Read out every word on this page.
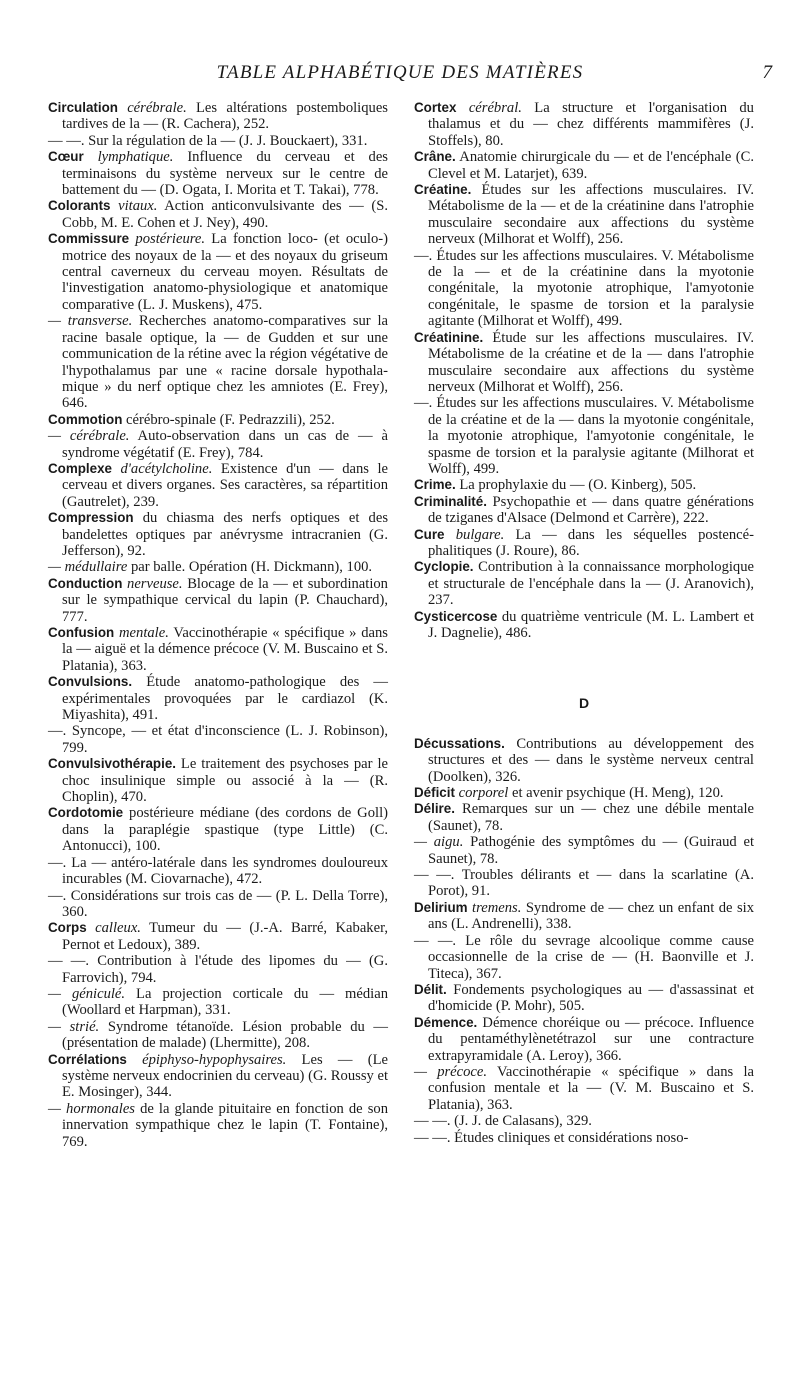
TABLE ALPHABÉTIQUE DES MATIÈRES	7
Circulation cérébrale. Les altérations postemboliques tardives de la — (R. Cachera), 252.
— —. Sur la régulation de la — (J. J. Bouckaert), 331.
Cœur lymphatique. Influence du cerveau et des terminaisons du système nerveux sur le centre de battement du — (D. Ogata, I. Morita et T. Takai), 778.
Colorants vitaux. Action anticonvulsivante des — (S. Cobb, M. E. Cohen et J. Ney), 490.
Commissure postérieure. La fonction loco- (et oculo-) motrice des noyaux de la — et des noyaux du griseum central caverneux du cerveau moyen. Résultats de l'investigation anatomo-physiologique et anatomique comparative (L. J. Muskens), 475.
— transverse. Recherches anatomo-comparatives sur la racine basale optique, la — de Gudden et sur une communication de la rétine avec la région végétative de l'hypothalamus par une « racine dorsale hypothalamique » du nerf optique chez les amniotes (E. Frey), 646.
Commotion cérébro-spinale (F. Pedrazzili), 252.
— cérébrale. Auto-observation dans un cas de — à syndrome végétatif (E. Frey), 784.
Complexe d'acétylcholine. Existence d'un — dans le cerveau et divers organes. Ses caractères, sa répartition (Gautrelet), 239.
Compression du chiasma des nerfs optiques et des bandelettes optiques par anévrysme intracranien (G. Jefferson), 92.
— médullaire par balle. Opération (H. Dickmann), 100.
Conduction nerveuse. Blocage de la — et subordination sur le sympathique cervical du lapin (P. Chauchard), 777.
Confusion mentale. Vaccinothérapie « spécifique » dans la — aiguë et la démence précoce (V. M. Buscaino et S. Platania), 363.
Convulsions. Étude anatomo-pathologique des — expérimentales provoquées par le cardiazol (K. Miyashita), 491.
—. Syncope, — et état d'inconscience (L. J. Robinson), 799.
Convulsivothérapie. Le traitement des psychoses par le choc insulinique simple ou associé à la — (R. Choplin), 470.
Cordotomie postérieure médiane (des cordons de Goll) dans la paraplégie spastique (type Little) (C. Antonucci), 100.
—. La — antéro-latérale dans les syndromes douloureux incurables (M. Ciovarnache), 472.
—. Considérations sur trois cas de — (P. L. Della Torre), 360.
Corps calleux. Tumeur du — (J.-A. Barré, Kabaker, Pernot et Ledoux), 389.
— —. Contribution à l'étude des lipomes du — (G. Farrovich), 794.
— géniculé. La projection corticale du — médian (Woollard et Harpman), 331.
— strié. Syndrome tétanoïde. Lésion probable du — (présentation de malade) (Lhermitte), 208.
Corrélations épiphyso-hypophysaires. Les — (Le système nerveux endocrinien du cerveau) (G. Roussy et E. Mosinger), 344.
— hormonales de la glande pituitaire en fonction de son innervation sympathique chez le lapin (T. Fontaine), 769.
Cortex cérébral. La structure et l'organisation du thalamus et du — chez différents mammifères (J. Stoffels), 80.
Crâne. Anatomie chirurgicale du — et de l'encéphale (C. Clevel et M. Latarjet), 639.
Créatine. Études sur les affections musculaires. IV. Métabolisme de la — et de la créatinine dans l'atrophie musculaire secondaire aux affections du système nerveux (Milhorat et Wolff), 256.
—. Études sur les affections musculaires. V. Métabolisme de la — et de la créatinine dans la myotonie congénitale, la myotonie atrophique, l'amyotonie congénitale, le spasme de torsion et la paralysie agitante (Milhorat et Wolff), 499.
Créatinine. Étude sur les affections musculaires. IV. Métabolisme de la créatine et de la — dans l'atrophie musculaire secondaire aux affections du système nerveux (Milhorat et Wolff), 256.
—. Études sur les affections musculaires. V. Métabolisme de la créatine et de la — dans la myotonie congénitale, la myotonie atrophique, l'amyotonie congénitale, le spasme de torsion et la paralysie agitante (Milhorat et Wolff), 499.
Crime. La prophylaxie du — (O. Kinberg), 505.
Criminalité. Psychopathie et — dans quatre générations de tziganes d'Alsace (Delmond et Carrère), 222.
Cure bulgare. La — dans les séquelles postencéphalitiques (J. Roure), 86.
Cyclopie. Contribution à la connaissance morphologique et structurale de l'encéphale dans la — (J. Aranovich), 237.
Cysticercose du quatrième ventricule (M. L. Lambert et J. Dagnelie), 486.
D
Décussations. Contributions au développement des structures et des — dans le système nerveux central (Doolken), 326.
Déficit corporel et avenir psychique (H. Meng), 120.
Délire. Remarques sur un — chez une débile mentale (Saunet), 78.
— aigu. Pathogénie des symptômes du — (Guiraud et Saunet), 78.
— —. Troubles délirants et — dans la scarlatine (A. Porot), 91.
Delirium tremens. Syndrome de — chez un enfant de six ans (L. Andrenelli), 338.
— —. Le rôle du sevrage alcoolique comme cause occasionnelle de la crise de — (H. Baonville et J. Titeca), 367.
Délit. Fondements psychologiques au — d'assassinat et d'homicide (P. Mohr), 505.
Démence. Démence choréique ou — précoce. Influence du pentaméthylènetétrazol sur une contracture extrapyramidale (A. Leroy), 366.
— précoce. Vaccinothérapie « spécifique » dans la confusion mentale et la — (V. M. Buscaino et S. Platania), 363.
— —. (J. J. de Calasans), 329.
— —. Études cliniques et considérations noso-
